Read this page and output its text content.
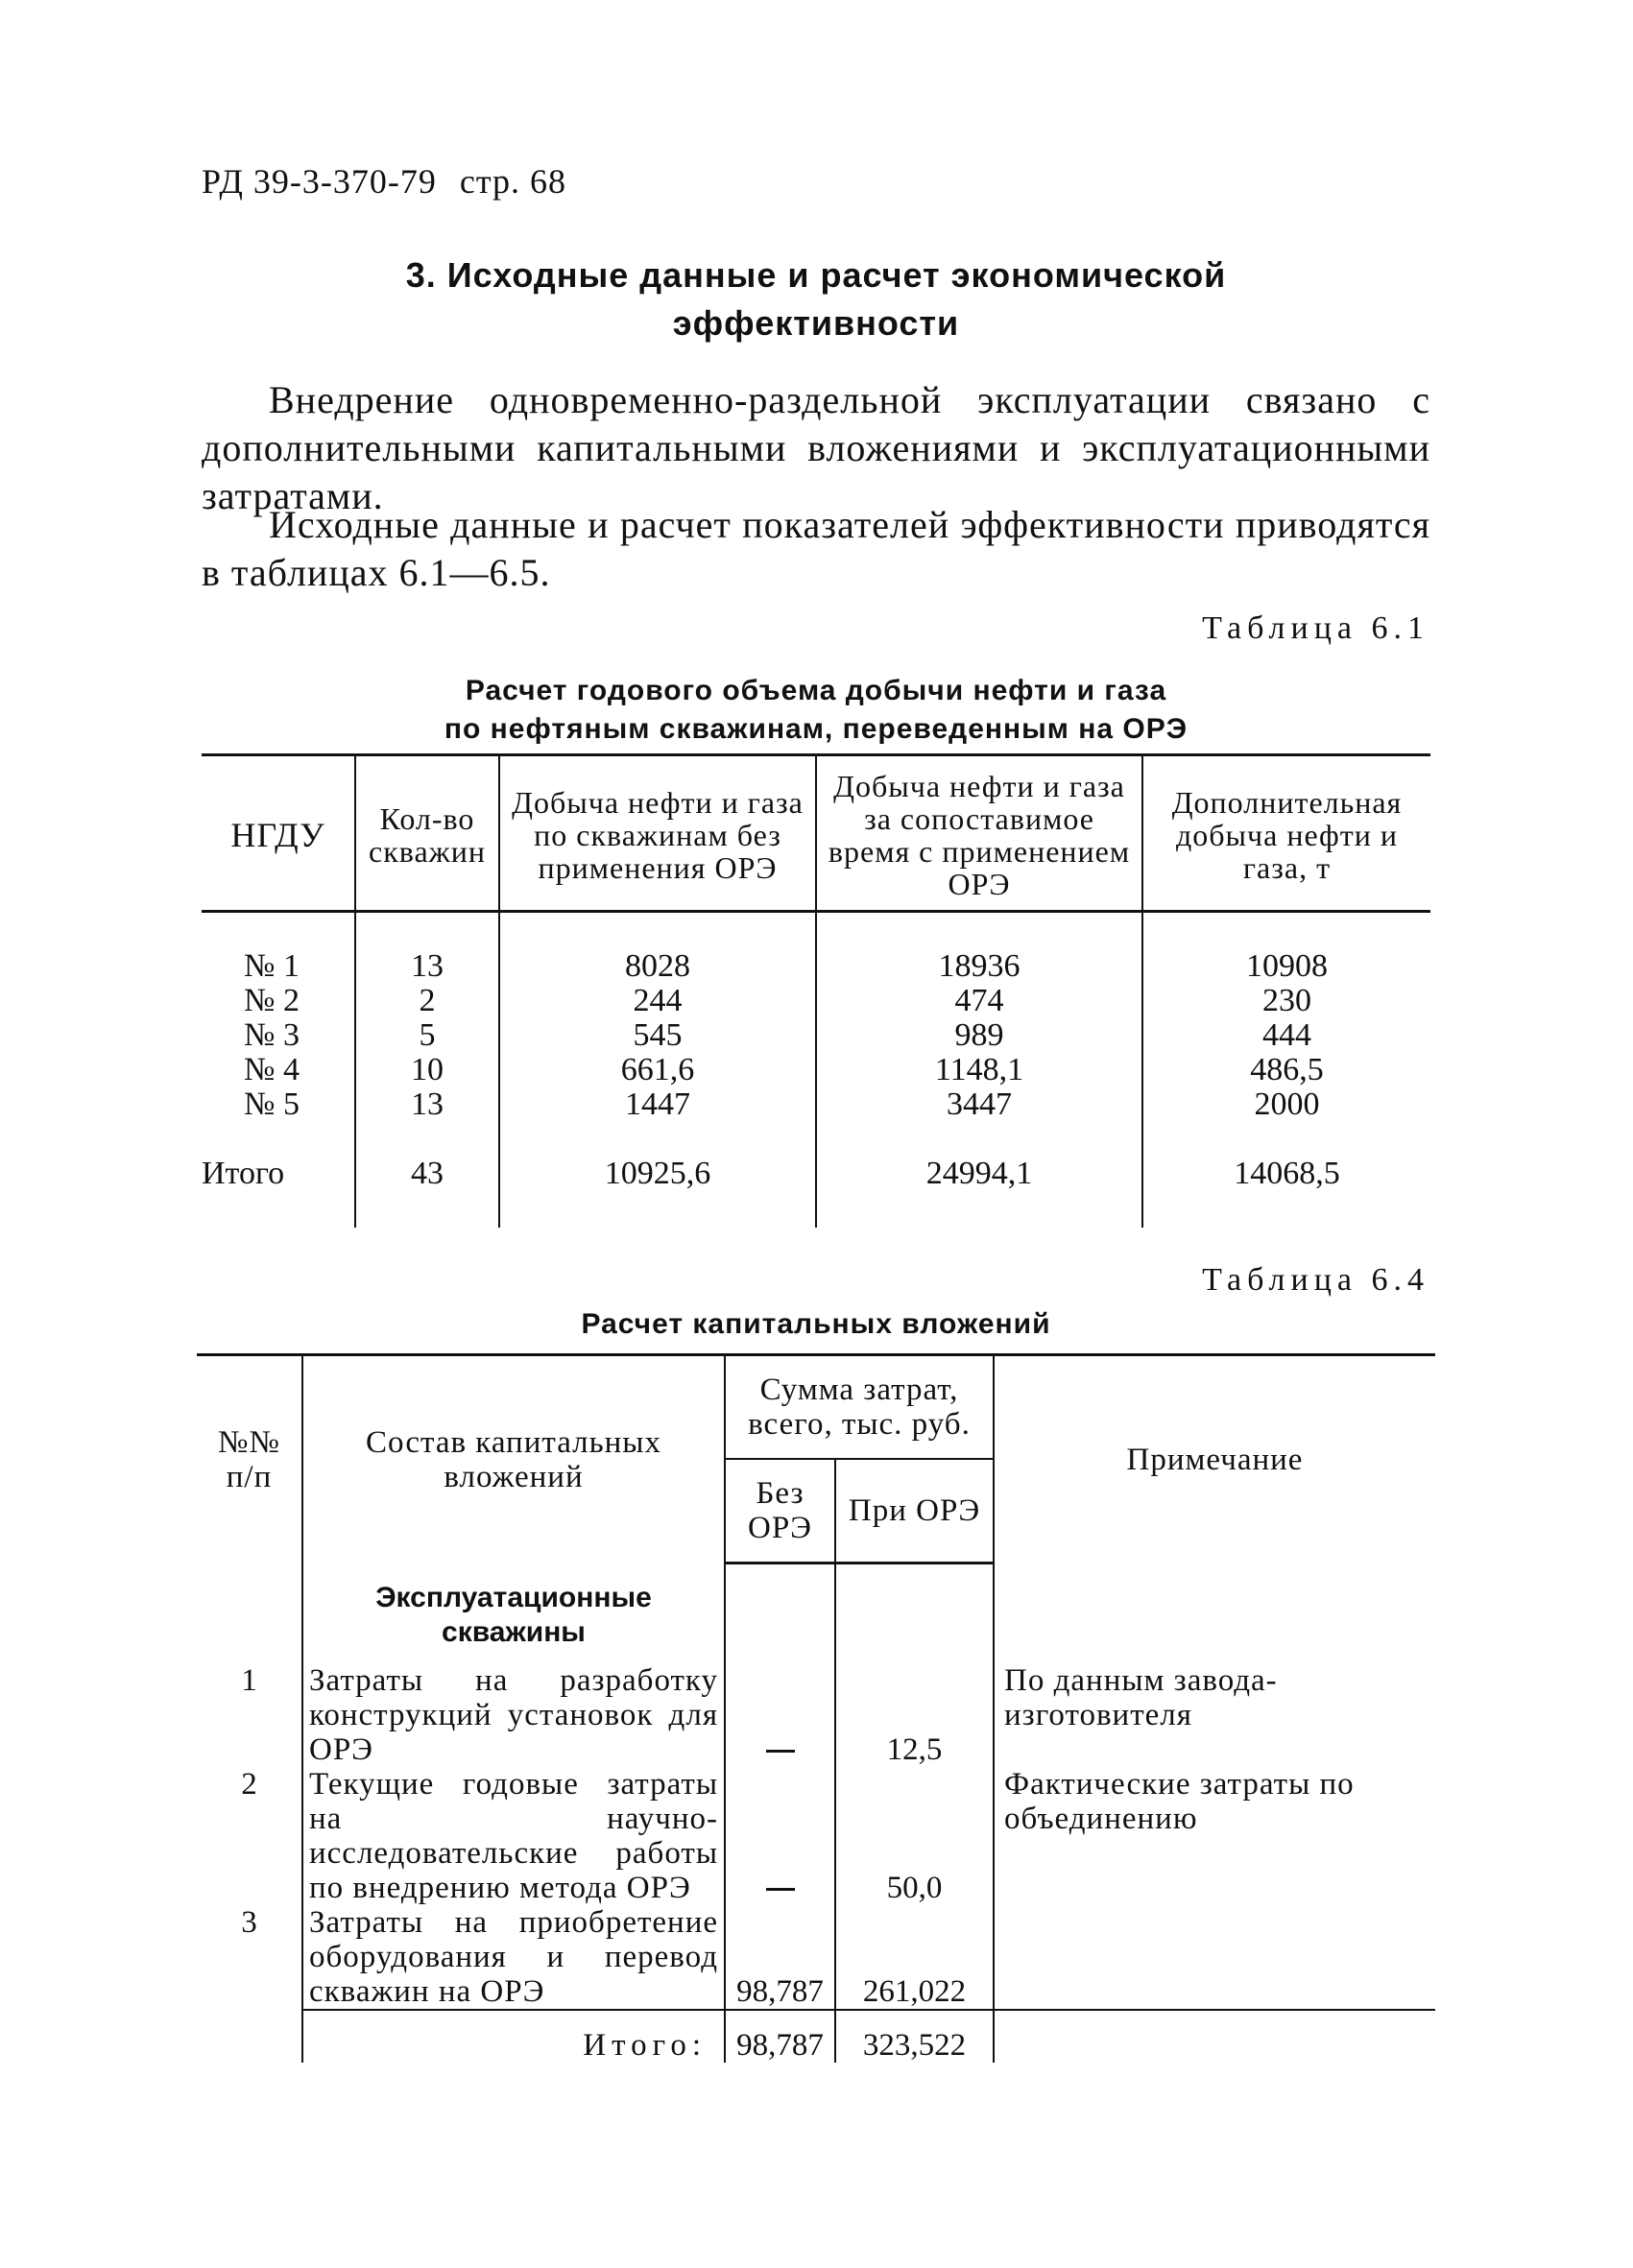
РД 39-3-370-79 стр. 68
3. Исходные данные и расчет экономической
эффективности
Внедрение одновременно-раздельной эксплуатации связано с дополнительными капитальными вложениями и эксплуатационными затратами.
Исходные данные и расчет показателей эффективности приводятся в таблицах 6.1—6.5.
Таблица 6.1
Расчет годового объема добычи нефти и газа
по нефтяным скважинам, переведенным на ОРЭ
НГДУ	Кол-во скважин	Добыча нефти и газа по скважинам без применения ОРЭ	Добыча нефти и газа за сопоставимое время с применением ОРЭ	Дополнительная добыча нефти и газа, т

№ 1	13	8028	18936	10908
№ 2	2	244	474	230
№ 3	5	545	989	444
№ 4	10	661,6	1148,1	486,5
№ 5	13	1447	3447	2000

Итого	43	10925,6	24994,1	14068,5

Таблица 6.4
Расчет капитальных вложений
№№ п/п	Состав капитальных вложений	Сумма затрат, всего, тыс. руб.		Примечание
		Без ОРЭ	При ОРЭ	
	Эксплуатационные скважины			
1	Затраты на разработку конструкций установок для ОРЭ		12,5	По данным завода-изготовителя
2	Текущие годовые затраты на научно-исследовательские работы по внедрению метода ОРЭ		50,0	Фактические затраты по объединению
3	Затраты на приобретение оборудования и перевод скважин на ОРЭ	98,787	261,022	
	Итого:	98,787	323,522	
